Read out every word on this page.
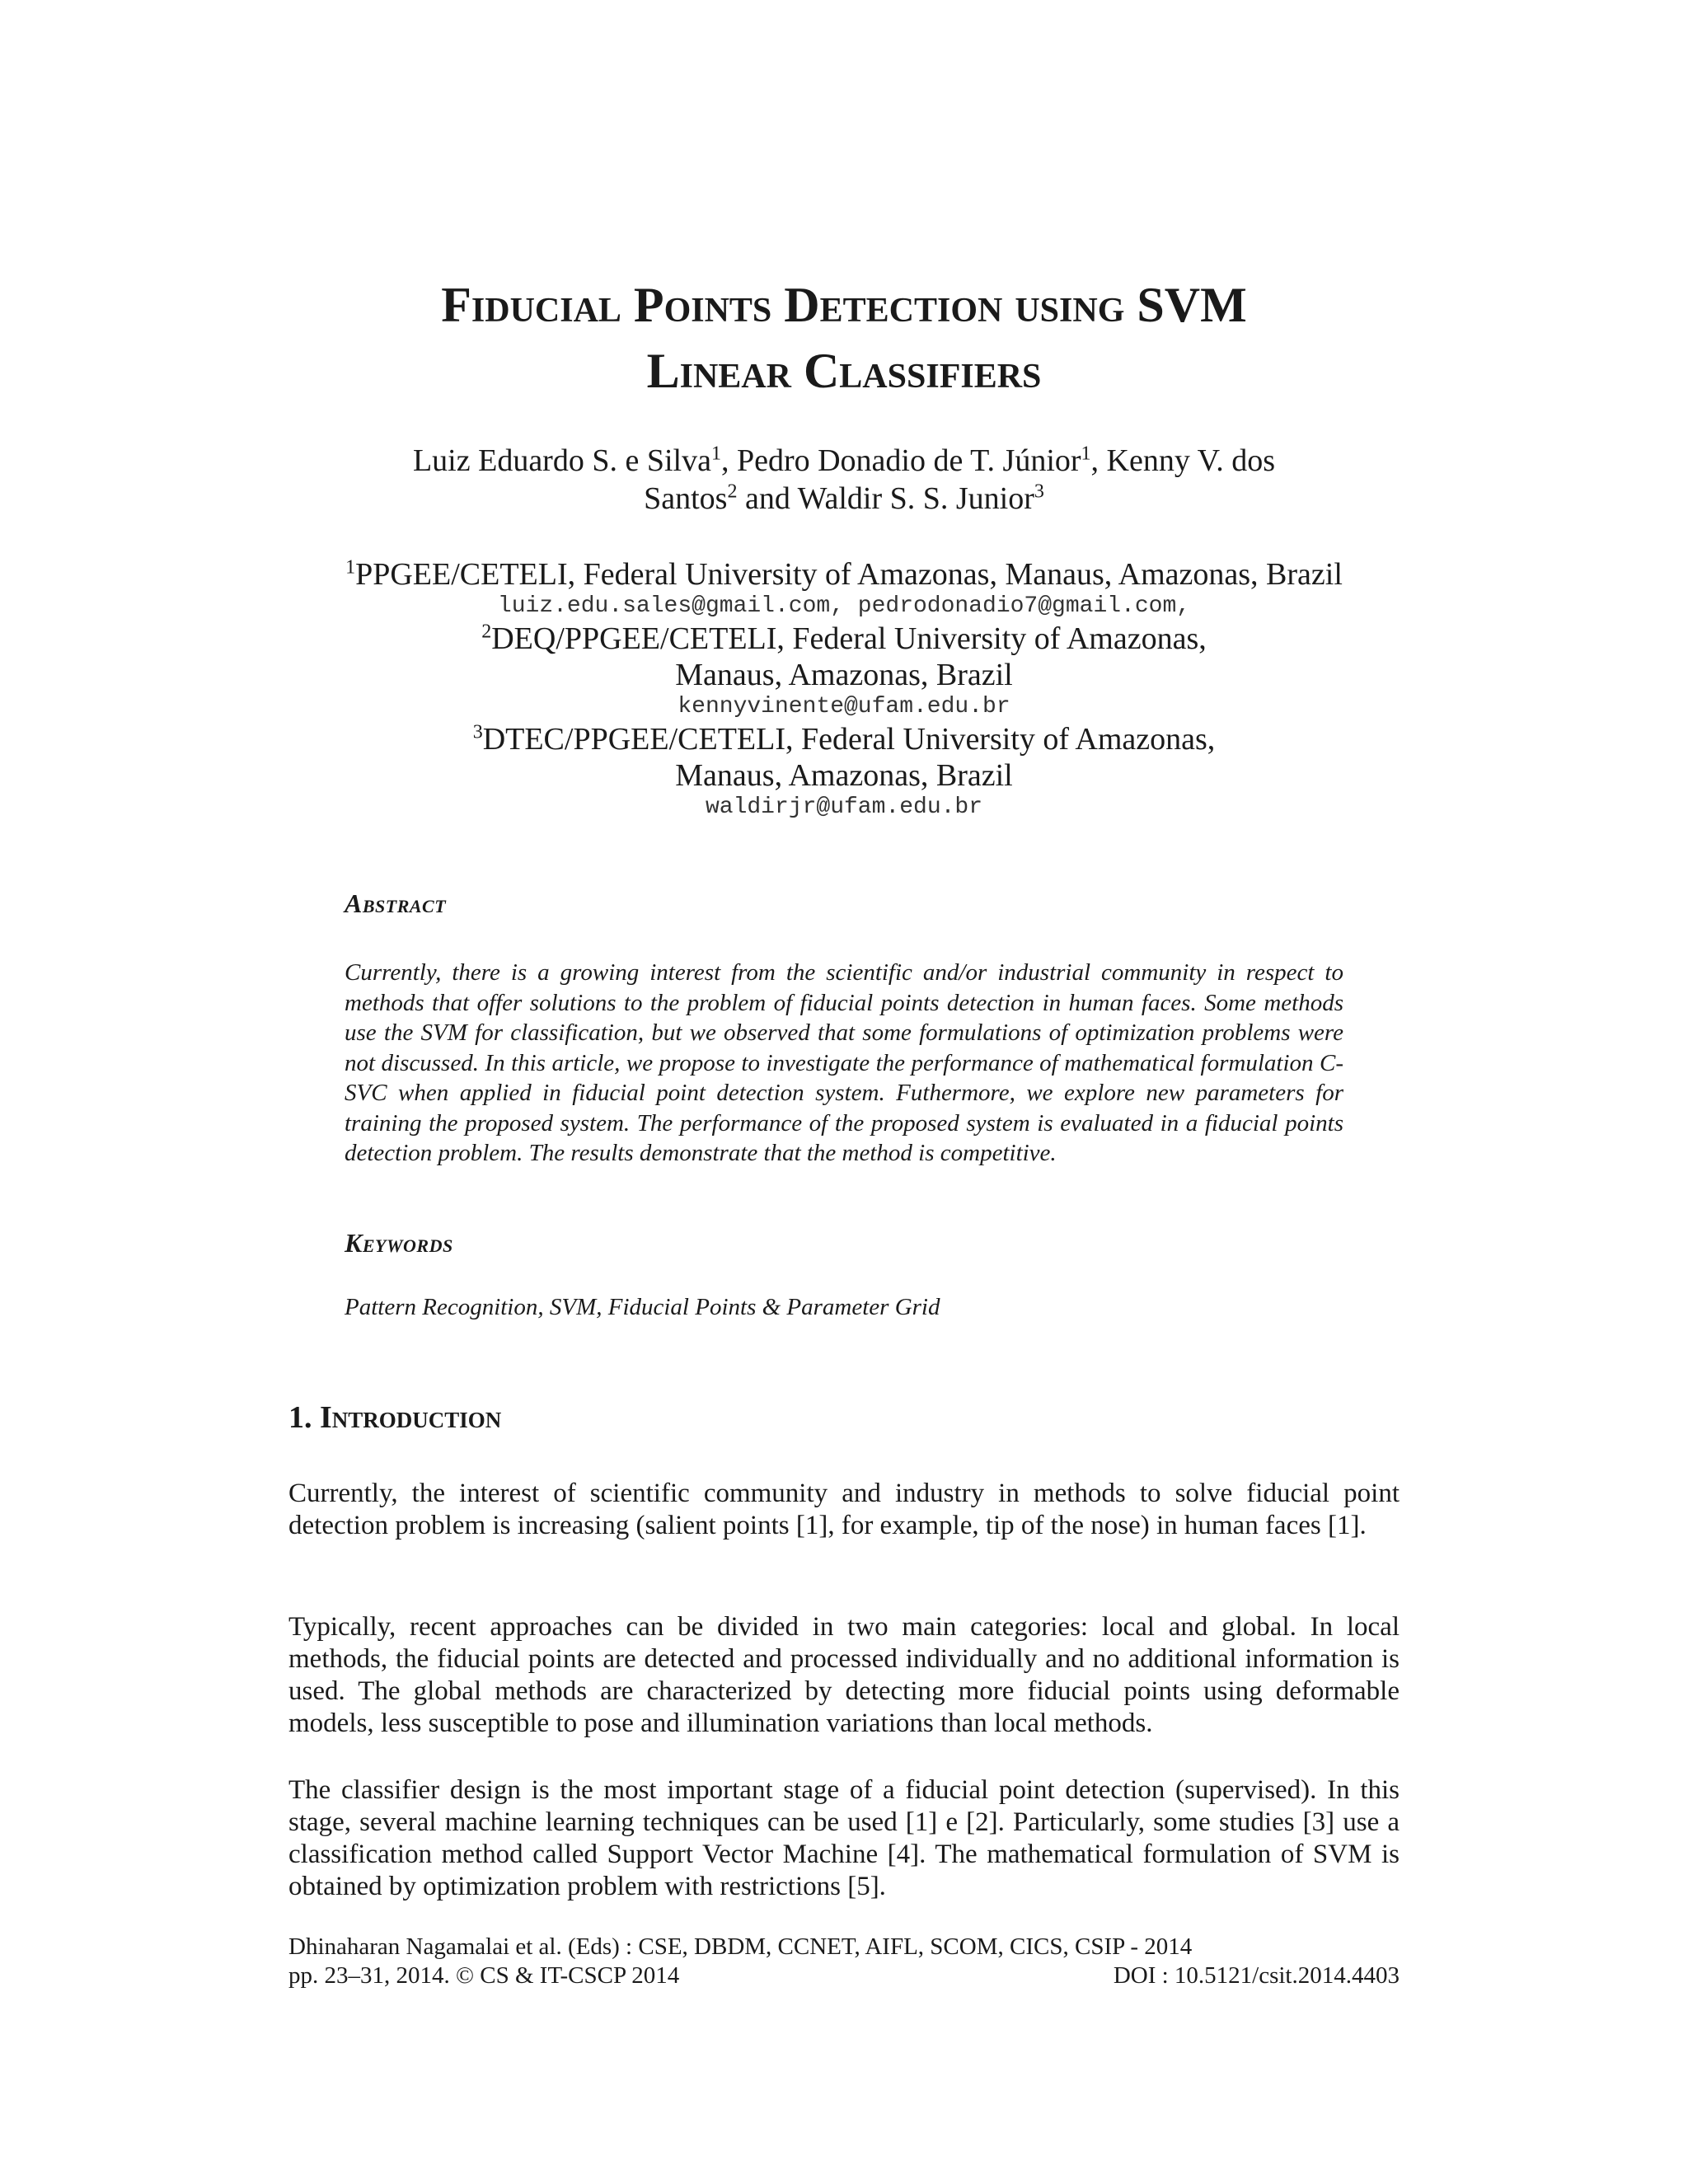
Fiducial Points Detection using SVM
Linear Classifiers
Luiz Eduardo S. e Silva$^1$, Pedro Donadio de T. Júnior$^1$, Kenny V. dos
Santos$^2$ and Waldir S. S. Junior$^3$
$^1$PPGEE/CETELI, Federal University of Amazonas, Manaus, Amazonas, Brazil
luiz.edu.sales@gmail.com, pedrodonadio7@gmail.com,
$^2$DEQ/PPGEE/CETELI, Federal University of Amazonas,
Manaus, Amazonas, Brazil
kennyvinente@ufam.edu.br
$^3$DTEC/PPGEE/CETELI, Federal University of Amazonas,
Manaus, Amazonas, Brazil
waldirjr@ufam.edu.br
Abstract

Currently, there is a growing interest from the scientific and/or industrial community in respect to methods that offer solutions to the problem of fiducial points detection in human faces. Some methods use the SVM for classification, but we observed that some formulations of optimization problems were not discussed. In this article, we propose to investigate the performance of mathematical formulation C-SVC when applied in fiducial point detection system. Futhermore, we explore new parameters for training the proposed system. The performance of the proposed system is evaluated in a fiducial points detection problem. The results demonstrate that the method is competitive.

Keywords
Pattern Recognition, SVM, Fiducial Points & Parameter Grid
1. Introduction

Currently, the interest of scientific community and industry in methods to solve fiducial point detection problem is increasing (salient points [1], for example, tip of the nose) in human faces [1].

Typically, recent approaches can be divided in two main categories: local and global. In local methods, the fiducial points are detected and processed individually and no additional information is used. The global methods are characterized by detecting more fiducial points using deformable models, less susceptible to pose and illumination variations than local methods.

The classifier design is the most important stage of a fiducial point detection (supervised). In this stage, several machine learning techniques can be used [1] e [2]. Particularly, some studies [3] use a classification method called Support Vector Machine [4]. The mathematical formulation of SVM is obtained by optimization problem with restrictions [5].

Dhinaharan Nagamalai et al. (Eds) : CSE, DBDM, CCNET, AIFL, SCOM, CICS, CSIP - 2014
pp. 23–31, 2014. © CS & IT-CSCP 2014	DOI : 10.5121/csit.2014.4403
